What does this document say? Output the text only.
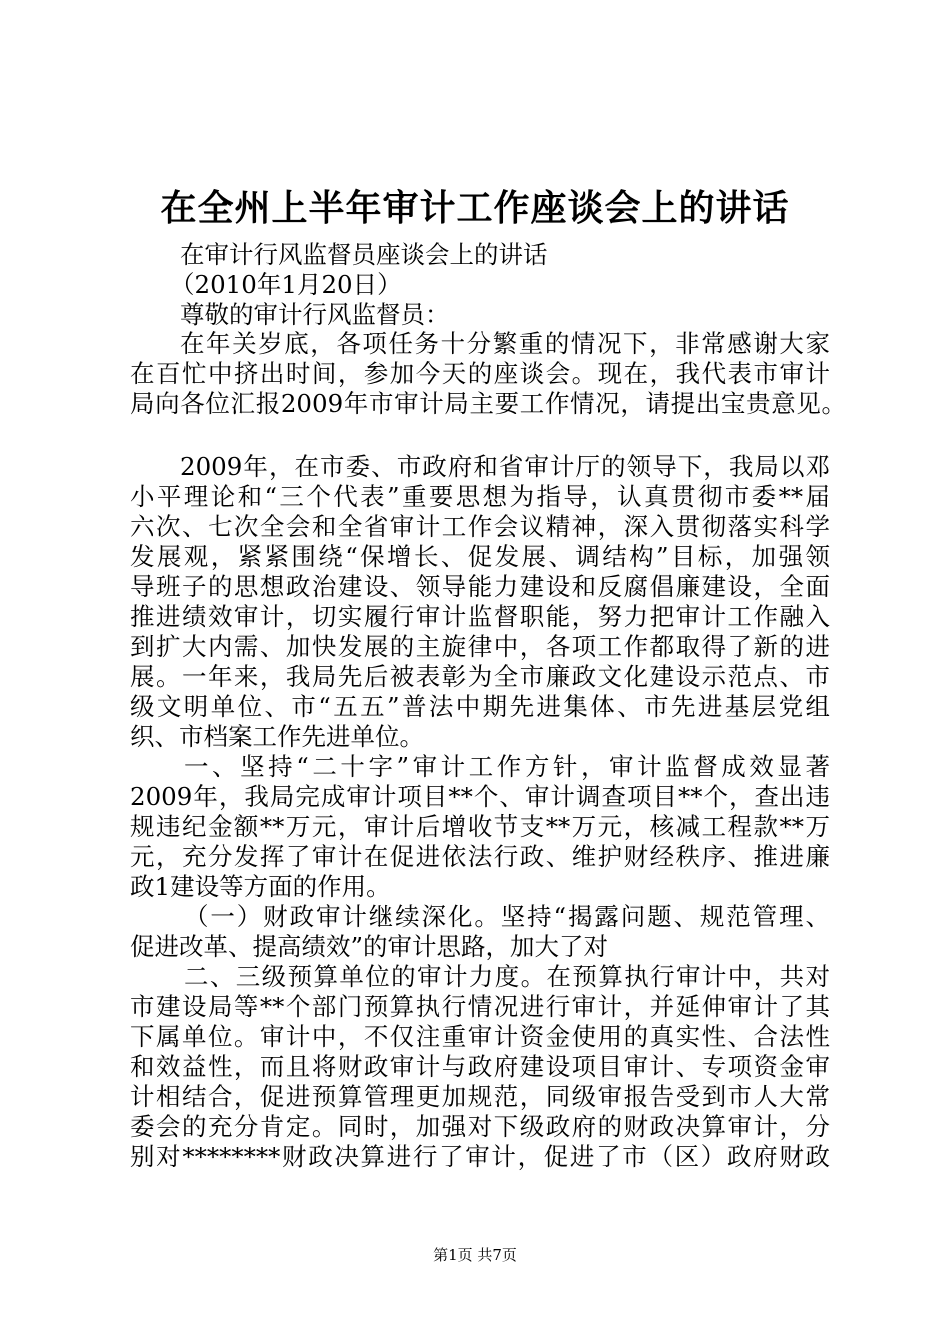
在全州上半年审计工作座谈会上的讲话
在审计行风监督员座谈会上的讲话
（2010年1月20日）
尊敬的审计行风监督员：
在年关岁底，各项任务十分繁重的情况下，非常感谢大家
在百忙中挤出时间，参加今天的座谈会。现在，我代表市审计
局向各位汇报2009年市审计局主要工作情况，请提出宝贵意见。
2009年，在市委、市政府和省审计厅的领导下，我局以邓
小平理论和“三个代表”重要思想为指导，认真贯彻市委**届
六次、七次全会和全省审计工作会议精神，深入贯彻落实科学
发展观，紧紧围绕“保增长、促发展、调结构”目标，加强领
导班子的思想政治建设、领导能力建设和反腐倡廉建设，全面
推进绩效审计，切实履行审计监督职能，努力把审计工作融入
到扩大内需、加快发展的主旋律中，各项工作都取得了新的进
展。一年来，我局先后被表彰为全市廉政文化建设示范点、市
级文明单位、市“五五”普法中期先进集体、市先进基层党组
织、市档案工作先进单位。
一、坚持“二十字”审计工作方针，审计监督成效显著
2009年，我局完成审计项目**个、审计调查项目**个，查出违
规违纪金额**万元，审计后增收节支**万元，核减工程款**万
元，充分发挥了审计在促进依法行政、维护财经秩序、推进廉
政1建设等方面的作用。
（一）财政审计继续深化。坚持“揭露问题、规范管理、
促进改革、提高绩效”的审计思路，加大了对
二、三级预算单位的审计力度。在预算执行审计中，共对
市建设局等**个部门预算执行情况进行审计，并延伸审计了其
下属单位。审计中，不仅注重审计资金使用的真实性、合法性
和效益性，而且将财政审计与政府建设项目审计、专项资金审
计相结合，促进预算管理更加规范，同级审报告受到市人大常
委会的充分肯定。同时，加强对下级政府的财政决算审计，分
别对********财政决算进行了审计，促进了市（区）政府财政
第1页 共7页
